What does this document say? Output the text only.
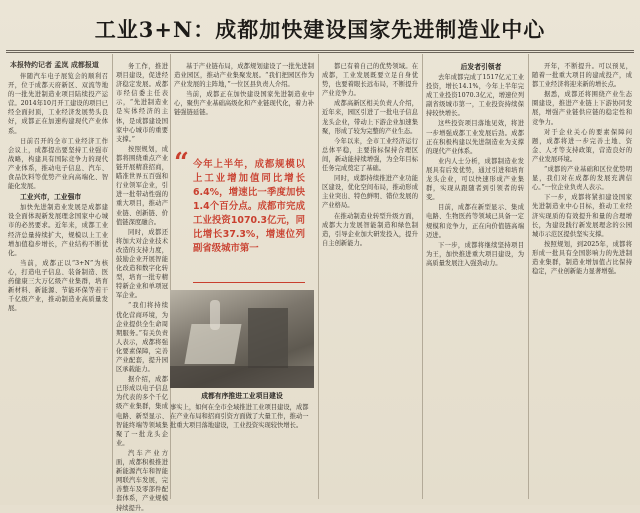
工业3+N：成都加快建设国家先进制造业中心
本报特约记者 孟岚 成都报道

伴随汽车电子展览会的顺利召开，位于成都天府新区、双流等地的一批先进制造业项目陆续投产运营。2014年10月开工建设的项目已经全面封顶，工业经济发展势头良好，成都正在加速构建现代产业体系。

日前召开的全市工业经济工作会议上，成都提出要坚持工业强市战略，构建具有国际竞争力的现代产业体系，推动电子信息、汽车、食品饮料等优势产业向高端化、智能化发展。

工业兴市，工业强市

加快先进制造业发展是成都建设全面体现新发展理念国家中心城市的必然要求。近年来，成都工业经济总量持续扩大，规模以上工业增加值稳步增长，产业结构不断优化。

当前，成都正以“3+N”为核心，打造电子信息、装备制造、医药健康三大万亿级产业集群，培育新材料、新能源、节能环保等若干千亿级产业，推动制造业高质量发展。

务工作，推进项目建设，促进经济稳定发展。成都市经信委主任表示，“先进制造业是实体经济的主体，是成都建设国家中心城市的重要支撑。”

按照规划，成都将围绕重点产业链开展精准招商，瞄准世界五百强和行业领军企业，引进一批带动性强的重大项目，推动产业链、创新链、价值链深度融合。

同时，成都还将加大对企业技术改造的支持力度，鼓励企业开展智能化改造和数字化转型，培育一批专精特新企业和单项冠军企业。

“我们将持续优化营商环境，为企业提供全生命周期服务。”有关负责人表示，成都将强化要素保障，完善产业配套，提升园区承载能力。

据介绍，成都已形成以电子信息为代表的多个千亿级产业集群，集成电路、新型显示、智能终端等领域集聚了一批龙头企业。

汽车产业方面，成都积极推进新能源汽车和智能网联汽车发展，完善整车及零部件配套体系，产业规模持续提升。

基于产业链布局，成都规划建设了一批先进制造业园区，推动产业集聚发展。“我们把园区作为产业发展的主阵地，”一位区县负责人介绍。

当前，成都正在加快建设国家先进制造业中心，聚焦产业基础高级化和产业链现代化，着力补链强链延链。

“ 今年上半年，成都规模以上工业增加值同比增长6.4%，增速比一季度加快1.4个百分点。成都市完成工业投资1070.3亿元，同比增长37.3%，增速位列副省级城市第一
成都有序推进工业项目建设
事实上，如何在全市全域推进工业项目建设，成都在产业布局和招商引资方面做了大量工作，推动一批重大项目落地建设，工业投资实现较快增长。

都已有着自己的优势领域。在成都，工业发展既要立足自身优势，也要着眼长远布局，不断提升产业竞争力。

成都高新区相关负责人介绍，近年来，园区引进了一批电子信息龙头企业，带动上下游企业加速集聚，形成了较为完整的产业生态。

今年以来，全市工业经济运行总体平稳，主要指标保持合理区间，新动能持续增强，为全年目标任务完成奠定了基础。

同时，成都持续推进产业功能区建设，优化空间布局，推动形成主业突出、特色鲜明、错位发展的产业格局。

在推动制造业转型升级方面，成都大力发展智能制造和绿色制造，引导企业加大研发投入，提升自主创新能力。

后发者引领者

去年成都完成了1517亿元工业投资，增长14.1%，今年上半年完成工业投资1070.3亿元，增速位列副省级城市第一，工业投资持续保持较快增长。

这些投资项目落地见效，将进一步增强成都工业发展后劲。成都正在积极构建以先进制造业为支撑的现代产业体系。

业内人士分析，成都制造业发展具有后发优势，通过引进和培育龙头企业，可以快速形成产业集群，实现从跟随者到引领者的转变。

目前，成都在新型显示、集成电路、生物医药等领域已具备一定规模和竞争力，正在向价值链高端迈进。

下一步，成都将继续坚持项目为王，加快推进重大项目建设，为高质量发展注入强劲动力。

开年，不断提升。可以预见，随着一批重大项目的建成投产，成都工业经济将迎来新的增长点。

据悉，成都还将围绕产业生态圈建设，推进产业链上下游协同发展，增强产业链供应链的稳定性和竞争力。

对于企业关心的要素保障问题，成都将进一步完善土地、资金、人才等支持政策，营造良好的产业发展环境。

“成都的产业基础和区位优势明显，我们对在成都的发展充满信心。”一位企业负责人表示。

下一步，成都将紧扣建设国家先进制造业中心目标，推动工业经济实现质的有效提升和量的合理增长，为建设践行新发展理念的公园城市示范区提供坚实支撑。

按照规划，到2025年，成都将形成一批具有全国影响力的先进制造业集群，制造业增加值占比保持稳定，产业创新能力显著增强。
